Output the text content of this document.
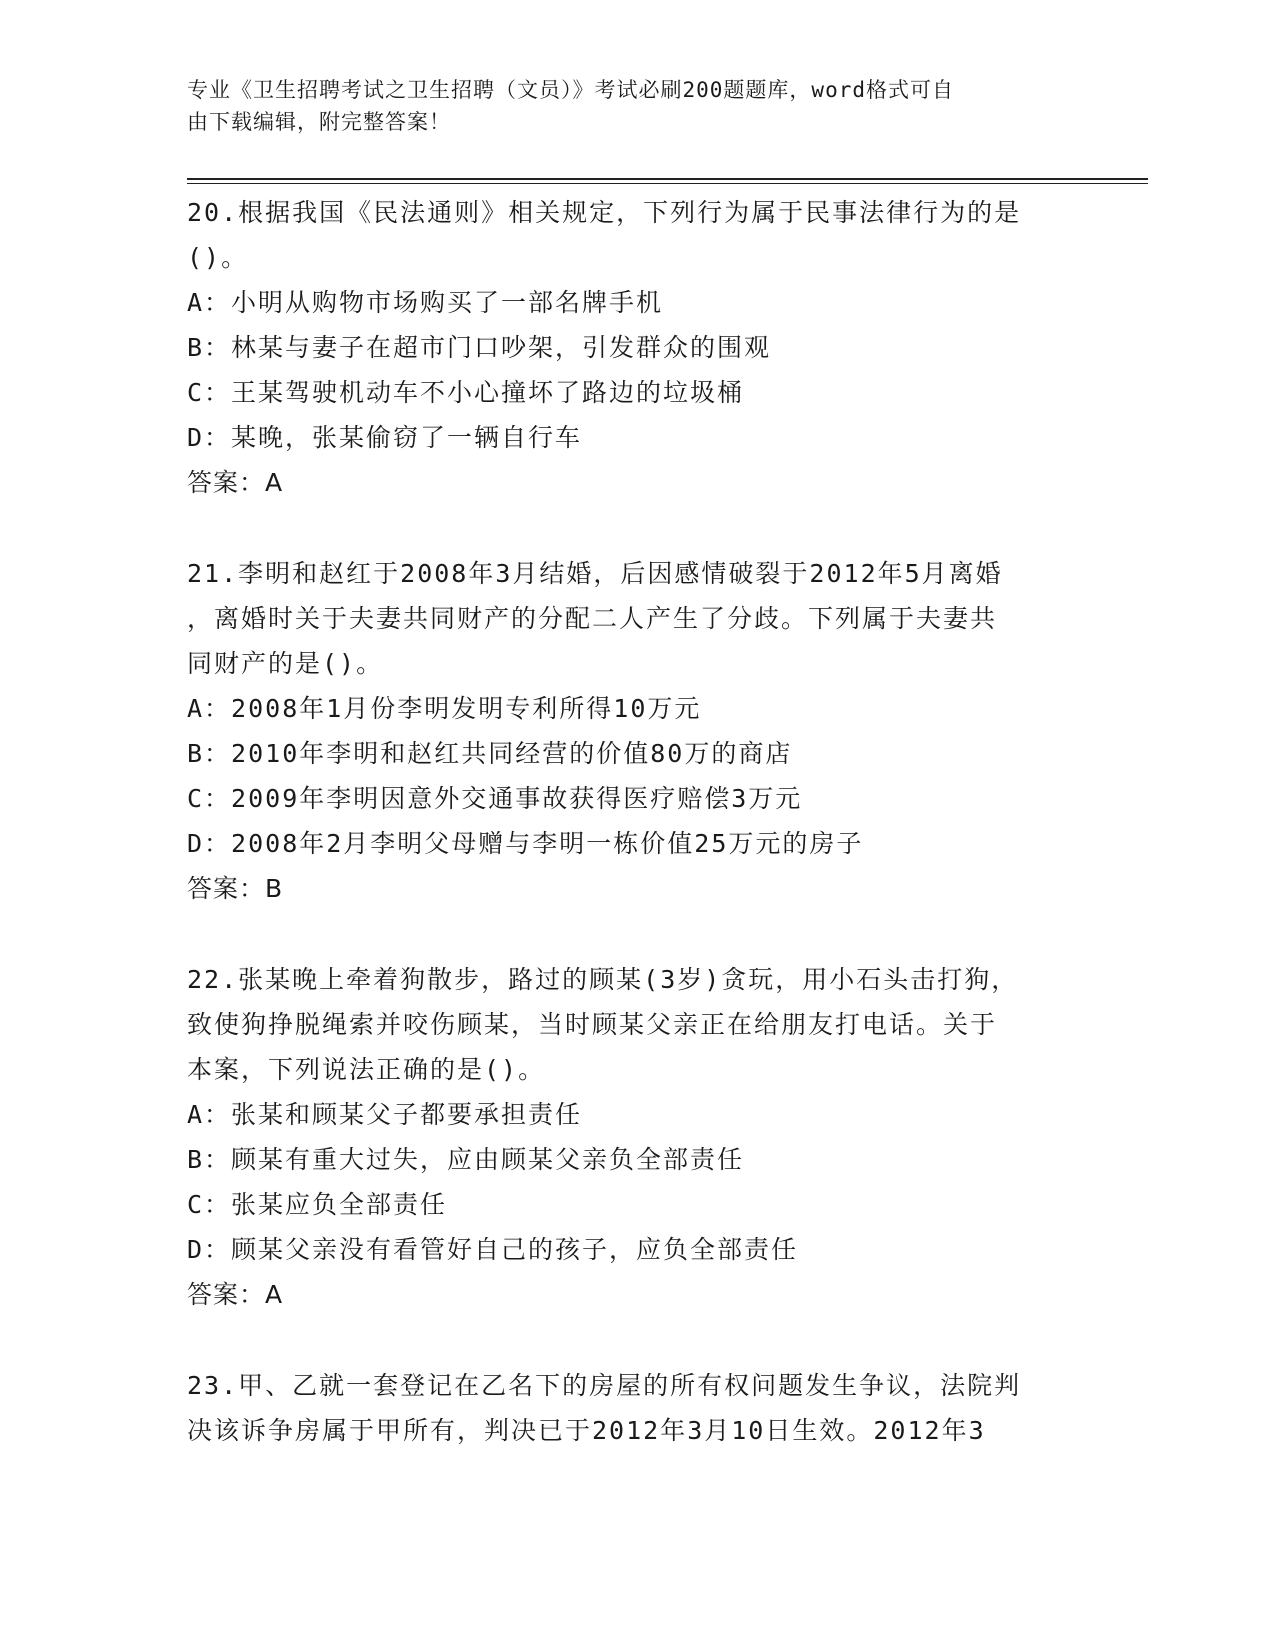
专业《卫生招聘考试之卫生招聘（文员）》考试必刷200题题库，word格式可自
由下载编辑，附完整答案！
20.根据我国《民法通则》相关规定，下列行为属于民事法律行为的是
()。
A：小明从购物市场购买了一部名牌手机
B：林某与妻子在超市门口吵架，引发群众的围观
C：王某驾驶机动车不小心撞坏了路边的垃圾桶
D：某晚，张某偷窃了一辆自行车
答案：A
21.李明和赵红于2008年3月结婚，后因感情破裂于2012年5月离婚
，离婚时关于夫妻共同财产的分配二人产生了分歧。下列属于夫妻共
同财产的是()。
A：2008年1月份李明发明专利所得10万元
B：2010年李明和赵红共同经营的价值80万的商店
C：2009年李明因意外交通事故获得医疗赔偿3万元
D：2008年2月李明父母赠与李明一栋价值25万元的房子
答案：B
22.张某晚上牵着狗散步，路过的顾某(3岁)贪玩，用小石头击打狗，
致使狗挣脱绳索并咬伤顾某，当时顾某父亲正在给朋友打电话。关于
本案，下列说法正确的是()。
A：张某和顾某父子都要承担责任
B：顾某有重大过失，应由顾某父亲负全部责任
C：张某应负全部责任
D：顾某父亲没有看管好自己的孩子，应负全部责任
答案：A
23.甲、乙就一套登记在乙名下的房屋的所有权问题发生争议，法院判
决该诉争房属于甲所有，判决已于2012年3月10日生效。2012年3
